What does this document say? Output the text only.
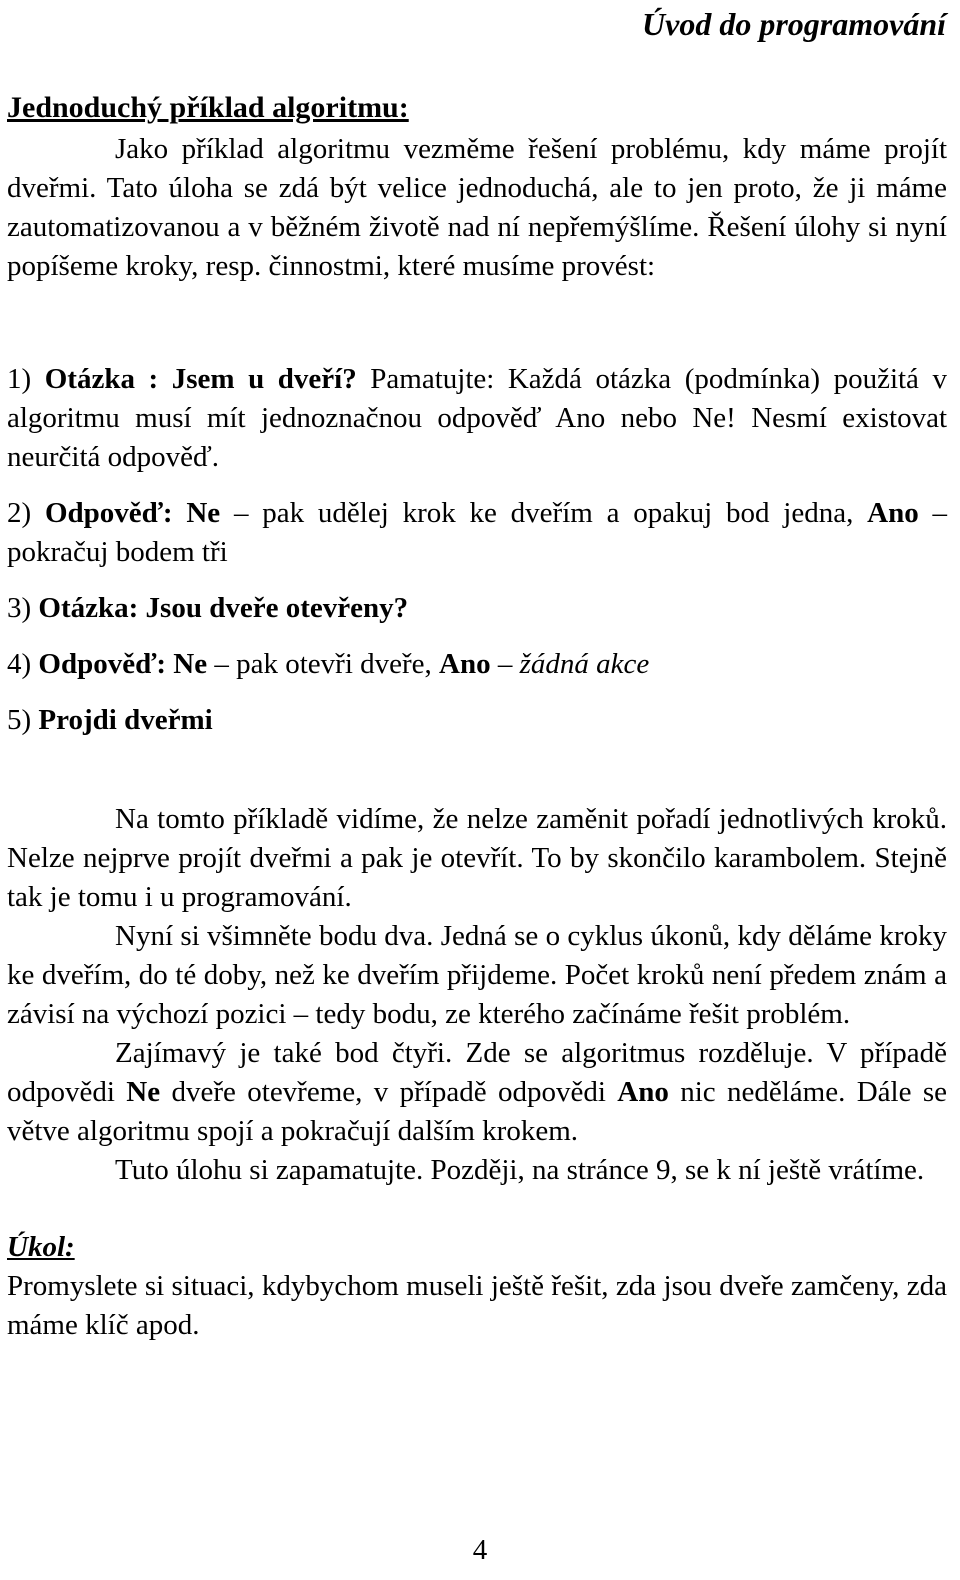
Úvod do programování

Jednoduchý příklad algoritmu:

Jako příklad algoritmu vezměme řešení problému, kdy máme projít dveřmi. Tato úloha se zdá být velice jednoduchá, ale to jen proto, že ji máme zautomatizovanou a v běžném životě nad ní nepřemýšlíme. Řešení úlohy si nyní popíšeme kroky, resp. činnostmi, které musíme provést:

1) Otázka : Jsem u dveří? Pamatujte: Každá otázka (podmínka) použitá v algoritmu musí mít jednoznačnou odpověď Ano nebo Ne! Nesmí existovat neurčitá odpověď.

2) Odpověď: Ne – pak udělej krok ke dveřím a opakuj bod jedna, Ano – pokračuj bodem tři

3) Otázka: Jsou dveře otevřeny?

4) Odpověď: Ne – pak otevři dveře, Ano – žádná akce

5) Projdi dveřmi

Na tomto příkladě vidíme, že nelze zaměnit pořadí jednotlivých kroků. Nelze nejprve projít dveřmi a pak je otevřít. To by skončilo karambolem. Stejně tak je tomu i u programování.

Nyní si všimněte bodu dva. Jedná se o cyklus úkonů, kdy děláme kroky ke dveřím, do té doby, než ke dveřím přijdeme. Počet kroků není předem znám a závisí na výchozí pozici – tedy bodu, ze kterého začínáme řešit problém.

Zajímavý je také bod čtyři. Zde se algoritmus rozděluje. V případě odpovědi Ne dveře otevřeme, v případě odpovědi Ano nic neděláme. Dále se větve algoritmu spojí a pokračují dalším krokem.

Tuto úlohu si zapamatujte. Později, na stránce 9, se k ní ještě vrátíme.

Úkol:

Promyslete si situaci, kdybychom museli ještě řešit, zda jsou dveře zamčeny, zda máme klíč apod.

4
